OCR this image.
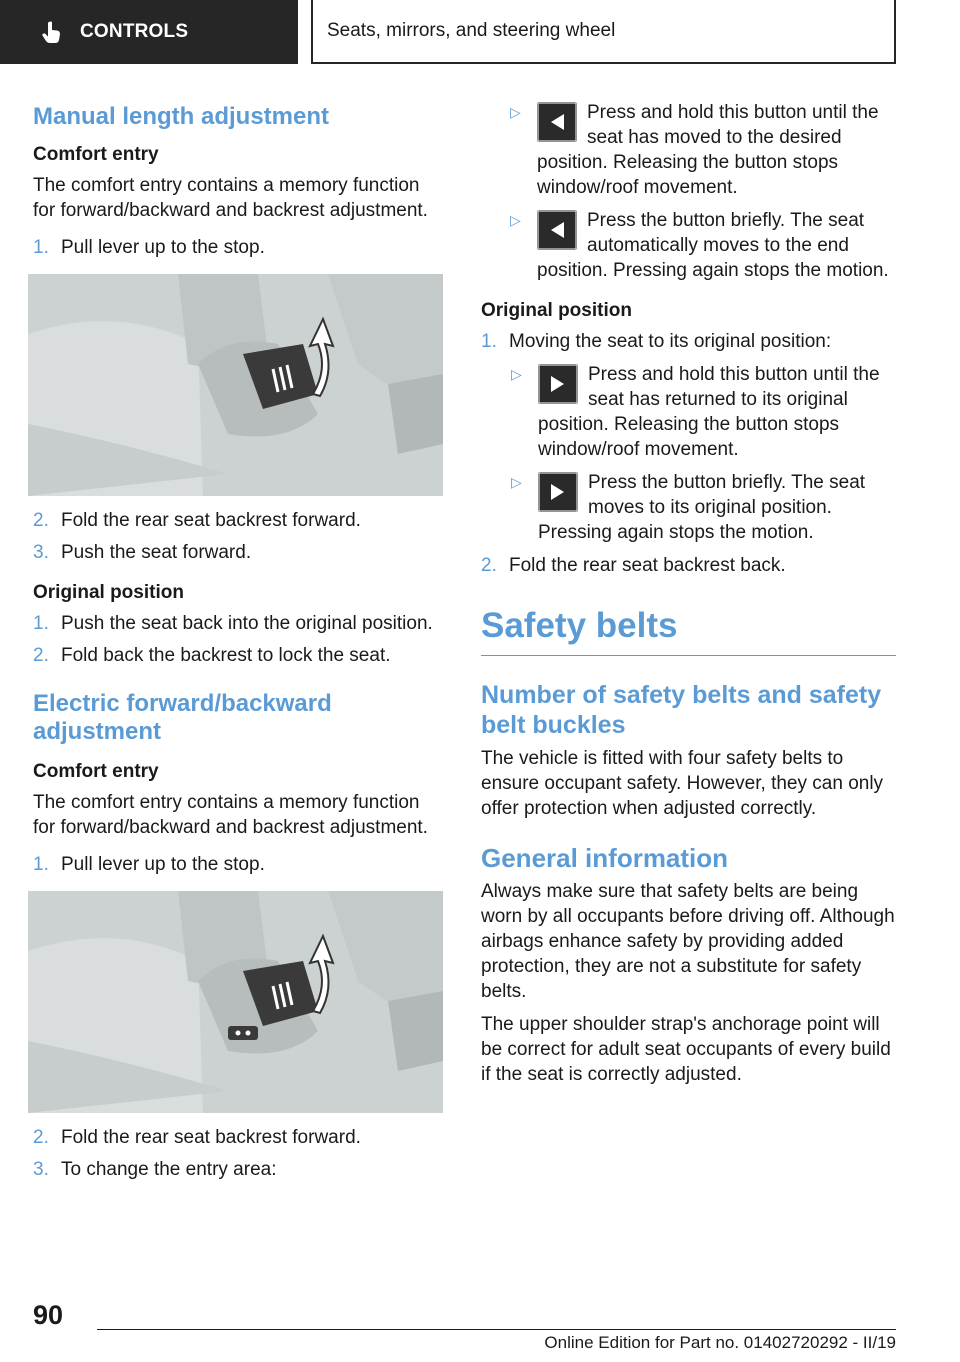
CONTROLS	Seats, mirrors, and steering wheel
Manual length adjustment
Comfort entry

The comfort entry contains a memory function for forward/backward and backrest adjustment.

1. Pull lever up to the stop.
2. Fold the rear seat backrest forward.
3. Push the seat forward.
Original position
1. Push the seat back into the original position.
2. Fold back the backrest to lock the seat.
Electric forward/backward adjustment
Comfort entry

The comfort entry contains a memory function for forward/backward and backrest adjustment.

1. Pull lever up to the stop.
2. Fold the rear seat backrest forward.
3. To change the entry area:
▷	Press and hold this button until the seat has moved to the desired position. Releasing the button stops window/roof movement.
▷	Press the button briefly. The seat automatically moves to the end position. Pressing again stops the motion.
Original position
1. Moving the seat to its original position:
▷	Press and hold this button until the seat has returned to its original position. Releasing the button stops window/roof movement.
▷	Press the button briefly. The seat moves to its original position. Pressing again stops the motion.
2. Fold the rear seat backrest back.
Safety belts
Number of safety belts and safety belt buckles

The vehicle is fitted with four safety belts to ensure occupant safety. However, they can only offer protection when adjusted correctly.

General information

Always make sure that safety belts are being worn by all occupants before driving off. Although airbags enhance safety by providing added protection, they are not a substitute for safety belts.

The upper shoulder strap's anchorage point will be correct for adult seat occupants of every build if the seat is correctly adjusted.

90
Online Edition for Part no. 01402720292 - II/19
